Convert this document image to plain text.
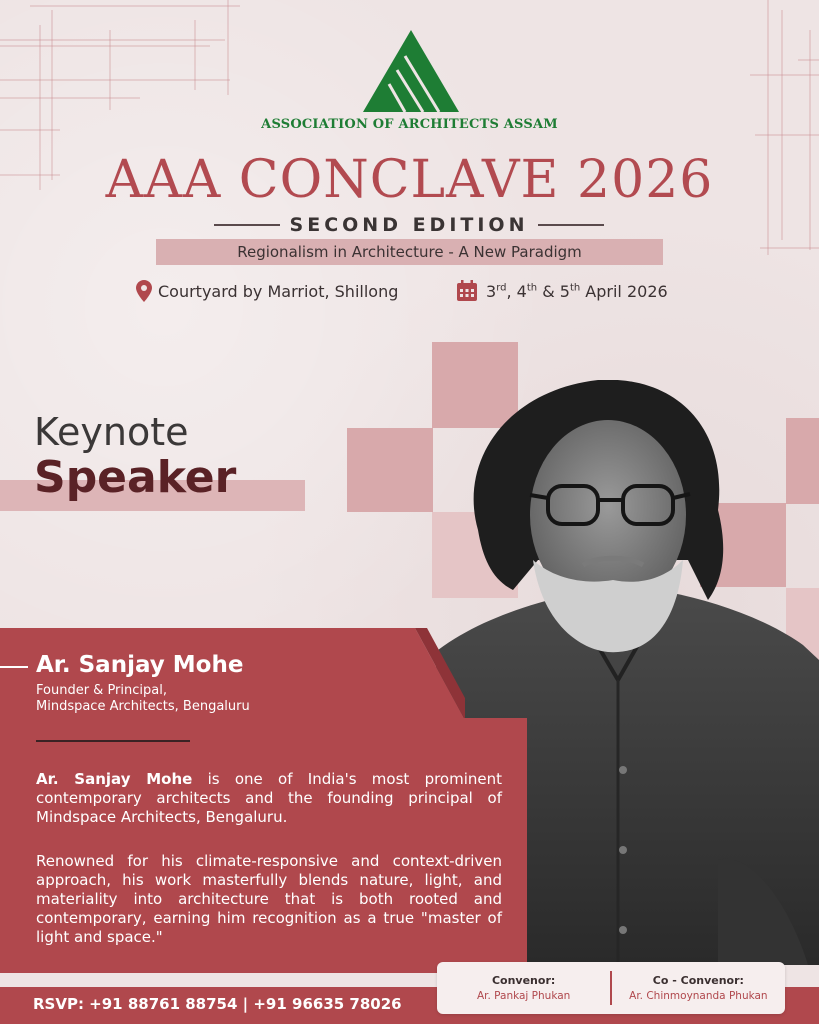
ASSOCIATION OF ARCHITECTS ASSAM
AAA CONCLAVE 2026
SECOND EDITION
Regionalism in Architecture - A New Paradigm
Courtyard by Marriot, Shillong	3rd, 4th & 5th April 2026
Keynote
Speaker
Ar. Sanjay Mohe
Founder & Principal,
Mindspace Architects, Bengaluru
Ar. Sanjay Mohe is one of India's most prominent contemporary architects and the founding principal of Mindspace Architects, Bengaluru.
Renowned for his climate-responsive and context-driven approach, his work masterfully blends nature, light, and materiality into architecture that is both rooted and contemporary, earning him recognition as a true "master of light and space."
RSVP: +91 88761 88754 | +91 96635 78026
Convenor:
Ar. Pankaj Phukan
Co - Convenor:
Ar. Chinmoynanda Phukan
